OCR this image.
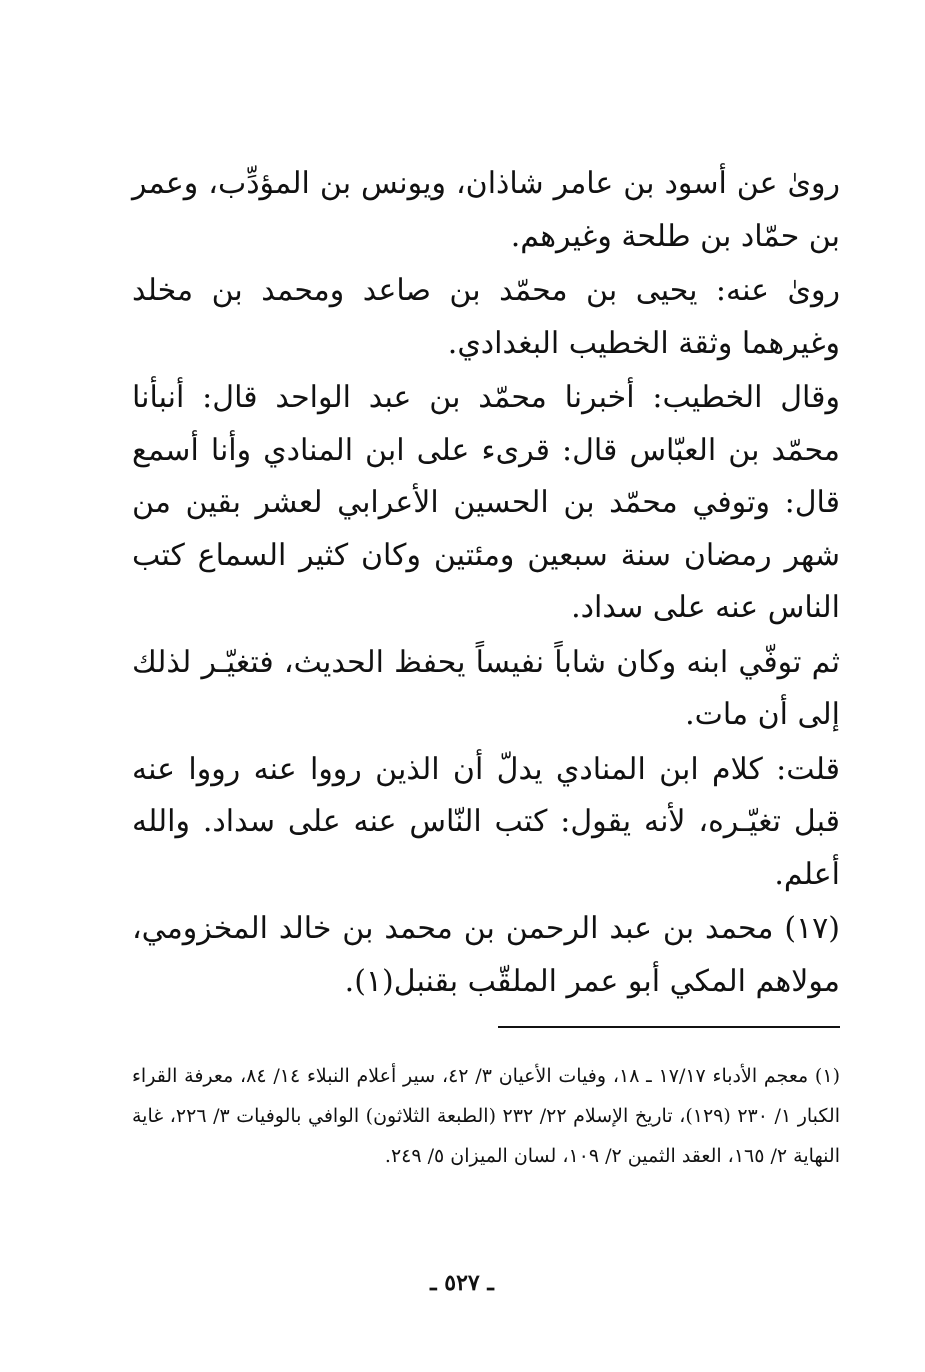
روىٰ عن أسود بن عامر شاذان، ويونس بن المؤدِّب، وعمر بن حمّاد بن طلحة وغيرهم.

روىٰ عنه: يحيى بن محمّد بن صاعد ومحمد بن مخلد وغيرهما وثقة الخطيب البغدادي.

وقال الخطيب: أخبرنا محمّد بن عبد الواحد قال: أنبأنا محمّد بن العبّاس قال: قرىء على ابن المنادي وأنا أسمع قال: وتوفي محمّد بن الحسين الأعرابي لعشر بقين من شهر رمضان سنة سبعين ومئتين وكان كثير السماع كتب الناس عنه على سداد.

ثم توفّي ابنه وكان شاباً نفيساً يحفظ الحديث، فتغيّـر لذلك إلى أن مات.

قلت: كلام ابن المنادي يدلّ أن الذين رووا عنه رووا عنه قبل تغيّـره، لأنه يقول: كتب النّاس عنه على سداد. والله أعلم.

(١٧) محمد بن عبد الرحمن بن محمد بن خالد المخزومي، مولاهم المكي أبو عمر الملقّب بقنبل(١).

(١) معجم الأدباء ١٧/١٧ ـ ١٨، وفيات الأعيان ٣/ ٤٢، سير أعلام النبلاء ١٤/ ٨٤، معرفة القراء الكبار ١/ ٢٣٠ (١٢٩)، تاريخ الإسلام ٢٢/ ٢٣٢ (الطبعة الثلاثون) الوافي بالوفيات ٣/ ٢٢٦، غاية النهاية ٢/ ١٦٥، العقد الثمين ٢/ ١٠٩، لسان الميزان ٥/ ٢٤٩.

ـ ٥٢٧ ـ
